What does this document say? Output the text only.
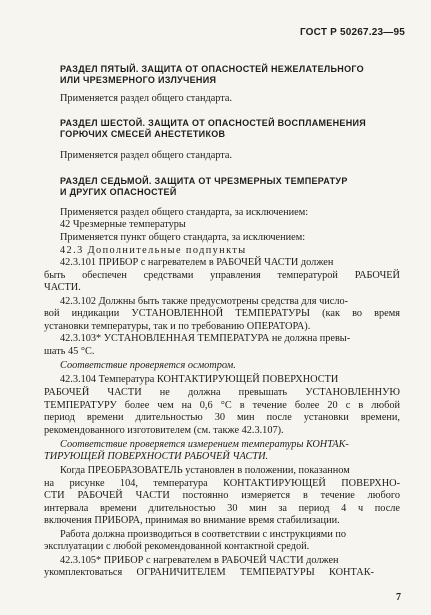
ГОСТ Р 50267.23—95
РАЗДЕЛ ПЯТЫЙ. ЗАЩИТА ОТ ОПАСНОСТЕЙ НЕЖЕЛАТЕЛЬНОГО
ИЛИ ЧРЕЗМЕРНОГО ИЗЛУЧЕНИЯ
Применяется раздел общего стандарта.
РАЗДЕЛ ШЕСТОЙ. ЗАЩИТА ОТ ОПАСНОСТЕЙ ВОСПЛАМЕНЕНИЯ
ГОРЮЧИХ СМЕСЕЙ АНЕСТЕТИКОВ
Применяется раздел общего стандарта.
РАЗДЕЛ СЕДЬМОЙ. ЗАЩИТА ОТ ЧРЕЗМЕРНЫХ ТЕМПЕРАТУР
И ДРУГИХ ОПАСНОСТЕЙ
Применяется раздел общего стандарта, за исключением:
42 Чрезмерные температуры
Применяется пункт общего стандарта, за исключением:
42.3 Дополнительные подпункты
42.3.101 ПРИБОР с нагревателем в РАБОЧЕЙ ЧАСТИ должен
быть обеспечен средствами управления температурой РАБОЧЕЙ
ЧАСТИ.
42.3.102 Должны быть также предусмотрены средства для число-
вой индикации УСТАНОВЛЕННОЙ ТЕМПЕРАТУРЫ (как во время
установки температуры, так и по требованию ОПЕРАТОРА).
42.3.103* УСТАНОВЛЕННАЯ ТЕМПЕРАТУРА не должна превы-
шать 45 °С.
Соответствие проверяется осмотром.
42.3.104 Температура КОНТАКТИРУЮЩЕЙ ПОВЕРХНОСТИ
РАБОЧЕЙ ЧАСТИ не должна превышать УСТАНОВЛЕННУЮ
ТЕМПЕРАТУРУ более чем на 0,6 °С в течение более 20 с в любой
период времени длительностью 30 мин после установки времени,
рекомендованного изготовителем (см. также 42.3.107).
Соответствие проверяется измерением температуры КОНТАК-
ТИРУЮЩЕЙ ПОВЕРХНОСТИ РАБОЧЕЙ ЧАСТИ.
Когда ПРЕОБРАЗОВАТЕЛЬ установлен в положении, показанном
на рисунке 104, температура КОНТАКТИРУЮЩЕЙ ПОВЕРХНО-
СТИ РАБОЧЕЙ ЧАСТИ постоянно измеряется в течение любого
интервала времени длительностью 30 мин за период 4 ч после
включения ПРИБОРА, принимая во внимание время стабилизации.
Работа должна производиться в соответствии с инструкциями по
эксплуатации с любой рекомендованной контактной средой.
42.3.105* ПРИБОР с нагревателем в РАБОЧЕЙ ЧАСТИ должен
укомплектоваться ОГРАНИЧИТЕЛЕМ ТЕМПЕРАТУРЫ КОНТАК-
7
